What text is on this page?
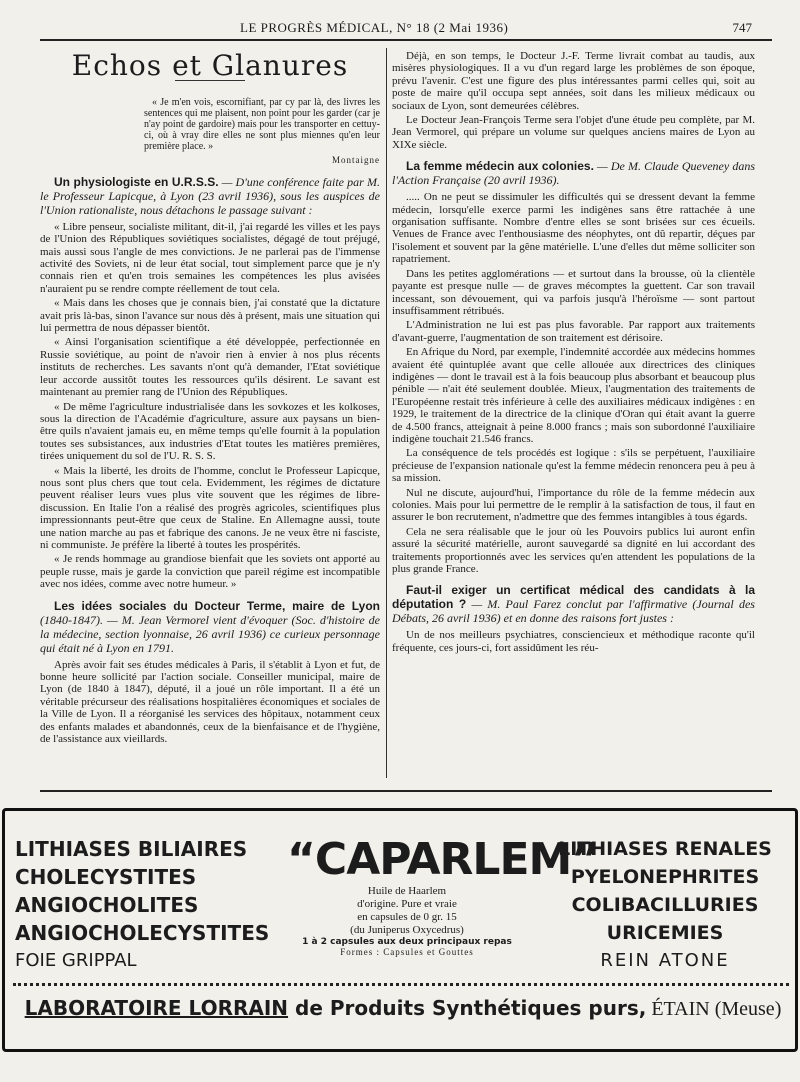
LE PROGRÈS MÉDICAL, N° 18 (2 Mai 1936)	747
Echos et Glanures
« Je m'en vois, escornifiant, par cy par là, des livres les sentences qui me plaisent, non point pour les garder (car je n'ay point de gardoire) mais pour les transporter en cettuy-ci, où à vray dire elles ne sont plus miennes qu'en leur première place. »
Montaigne
Un physiologiste en U.R.S.S. — D'une conférence faite par M. le Professeur Lapicque, à Lyon (23 avril 1936), sous les auspices de l'Union rationaliste, nous détachons le passage suivant :

« Libre penseur, socialiste militant, dit-il, j'ai regardé les villes et les pays de l'Union des Républiques soviétiques socialistes, dégagé de tout préjugé, mais aussi sous l'angle de mes convictions. Je ne parlerai pas de l'immense activité des Soviets, ni de leur état social, tout simplement parce que je n'y connais rien et qu'en trois semaines les compétences les plus avisées n'auraient pu se rendre compte réellement de tout cela.

« Mais dans les choses que je connais bien, j'ai constaté que la dictature avait pris là-bas, sinon l'avance sur nous dès à présent, mais une situation qui lui permettra de nous dépasser bientôt.

« Ainsi l'organisation scientifique a été développée, perfectionnée en Russie soviétique, au point de n'avoir rien à envier à nos plus récents instituts de recherches. Les savants n'ont qu'à demander, l'Etat soviétique leur accorde aussitôt toutes les ressources qu'ils désirent. Le savant est maintenant au premier rang de l'Union des Républiques.

« De même l'agriculture industrialisée dans les sovkozes et les kolkoses, sous la direction de l'Académie d'agriculture, assure aux paysans un bien-être quils n'avaient jamais eu, en même temps qu'elle fournit à la population toutes ses subsistances, aux industries d'Etat toutes les matières premières, tirées uniquement du sol de l'U. R. S. S.

« Mais la liberté, les droits de l'homme, conclut le Professeur Lapicque, nous sont plus chers que tout cela. Evidemment, les régimes de dictature peuvent réaliser leurs vues plus vite souvent que les régimes de libre-discussion. En Italie l'on a réalisé des progrès agricoles, scientifiques plus impressionnants peut-être que ceux de Staline. En Allemagne aussi, toute une nation marche au pas et fabrique des canons. Je ne veux être ni fasciste, ni communiste. Je préfère la liberté à toutes les prospérités.

« Je rends hommage au grandiose bienfait que les soviets ont apporté au peuple russe, mais je garde la conviction que pareil régime est incompatible avec nos idées, comme avec notre humeur. »

Les idées sociales du Docteur Terme, maire de Lyon (1840-1847). — M. Jean Vermorel vient d'évoquer (Soc. d'histoire de la médecine, section lyonnaise, 26 avril 1936) ce curieux personnage qui était né à Lyon en 1791.

Après avoir fait ses études médicales à Paris, il s'établit à Lyon et fut, de bonne heure sollicité par l'action sociale. Conseiller municipal, maire de Lyon (de 1840 à 1847), député, il a joué un rôle important. Il a été un véritable précurseur des réalisations hospitalières économiques et sociales de la Ville de Lyon. Il a réorganisé les services des hôpitaux, notamment ceux des enfants malades et abandonnés, ceux de la bienfaisance et de l'hygiène, de l'assistance aux vieillards.

Déjà, en son temps, le Docteur J.-F. Terme livrait combat au taudis, aux misères physiologiques. Il a vu d'un regard large les problèmes de son époque, prévu l'avenir. C'est une figure des plus intéressantes parmi celles qui, soit au poste de maire qu'il occupa sept années, soit dans les milieux médicaux ou sociaux de Lyon, sont demeurées célèbres.

Le Docteur Jean-François Terme sera l'objet d'une étude peu complète, par M. Jean Vermorel, qui prépare un volume sur quelques anciens maires de Lyon au XIXe siècle.

La femme médecin aux colonies. — De M. Claude Queveney dans l'Action Française (20 avril 1936).

..... On ne peut se dissimuler les difficultés qui se dressent devant la femme médecin, lorsqu'elle exerce parmi les indigènes sans être rattachée à une organisation suffisante. Nombre d'entre elles se sont brisées sur ces écueils. Venues de France avec l'enthousiasme des néophytes, ont dû repartir, déçues par l'isolement et souvent par la gêne matérielle. L'une d'elles dut même solliciter son rapatriement.

Dans les petites agglomérations — et surtout dans la brousse, où la clientèle payante est presque nulle — de graves mécomptes la guettent. Car son travail incessant, son dévouement, qui va parfois jusqu'à l'héroïsme — sont partout insuffisamment rétribués.

L'Administration ne lui est pas plus favorable. Par rapport aux traitements d'avant-guerre, l'augmentation de son traitement est dérisoire.

En Afrique du Nord, par exemple, l'indemnité accordée aux médecins hommes avaient été quintuplée avant que celle allouée aux directrices des cliniques indigènes — dont le travail est à la fois beaucoup plus absorbant et beaucoup plus pénible — n'ait été seulement doublée. Mieux, l'augmentation des traitements de l'Européenne restait très inférieure à celle des auxiliaires médicaux indigènes : en 1929, le traitement de la directrice de la clinique d'Oran qui était avant la guerre de 4.500 francs, atteignait à peine 8.000 francs ; mais son subordonné l'auxiliaire indigène touchait 21.546 francs.

La conséquence de tels procédés est logique : s'ils se perpétuent, l'auxiliaire précieuse de l'expansion nationale qu'est la femme médecin renoncera peu à peu à sa mission.

Nul ne discute, aujourd'hui, l'importance du rôle de la femme médecin aux colonies. Mais pour lui permettre de le remplir à la satisfaction de tous, il faut en assurer le bon recrutement, n'admettre que des femmes intangibles à tous égards.

Cela ne sera réalisable que le jour où les Pouvoirs publics lui auront enfin assuré la sécurité matérielle, auront sauvegardé sa dignité en lui accordant des traitements proportionnés avec les services qu'en attendent les populations de la plus grande France.

Faut-il exiger un certificat médical des candidats à la députation ? — M. Paul Farez conclut par l'affirmative (Journal des Débats, 26 avril 1936) et en donne des raisons fort justes :

Un de nos meilleurs psychiatres, consciencieux et méthodique raconte qu'il fréquente, ces jours-ci, fort assidûment les réu-

LITHIASES BILIAIRES
CHOLECYSTITES
ANGIOCHOLITES
ANGIOCHOLECYSTITES
FOIE GRIPPAL
“CAPARLEM”
Huile de Haarlem
d'origine. Pure et vraie
en capsules de 0 gr. 15
(du Juniperus Oxycedrus)
1 à 2 capsules aux deux principaux repas
Formes : Capsules et Gouttes
LITHIASES RENALES
PYELONEPHRITES
COLIBACILLURIES
URICEMIES
REIN ATONE
LABORATOIRE LORRAIN de Produits Synthétiques purs, ÉTAIN (Meuse)
